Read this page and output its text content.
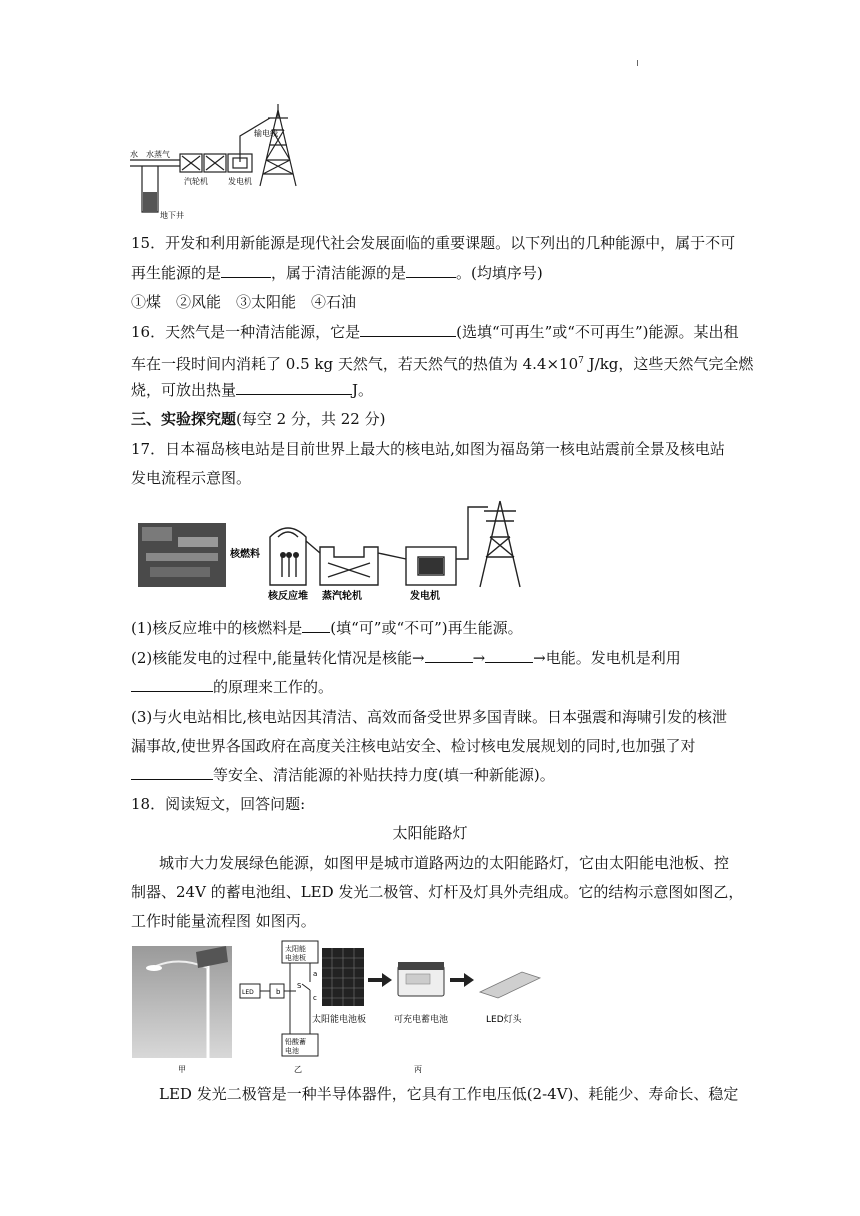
输电线
水 水蒸气
汽轮机	发电机
地下井
15．开发和利用新能源是现代社会发展面临的重要课题。以下列出的几种能源中，属于不可
再生能源的是	，属于清洁能源的是	。(均填序号)
①煤　②风能　③太阳能　④石油
16．天然气是一种清洁能源，它是	(选填“可再生”或“不可再生”)能源。某出租
车在一段时间内消耗了 0.5 kg 天然气，若天然气的热值为 $4.4\times 10^7$ J/kg，这些天然气完全燃
烧，可放出热量	J。
三、实验探究题(每空 2 分，共 22 分)
17．日本福岛核电站是目前世界上最大的核电站,如图为福岛第一核电站震前全景及核电站
发电流程示意图。
核燃料
核反应堆 蒸汽轮机	发电机
(1)核反应堆中的核燃料是 (填“可”或“不可”)再生能源。
(2)核能发电的过程中,能量转化情况是核能→	→	→电能。发电机是利用
的原理来工作的。
(3)与火电站相比,核电站因其清洁、高效而备受世界多国青睐。日本强震和海啸引发的核泄
漏事故,使世界各国政府在高度关注核电站安全、检讨核电发展规划的同时,也加强了对
等安全、清洁能源的补贴扶持力度(填一种新能源)。
18．阅读短文，回答问题:
太阳能路灯
城市大力发展绿色能源，如图甲是城市道路两边的太阳能路灯，它由太阳能电池板、控
制器、24V 的蓄电池组、LED 发光二极管、灯杆及灯具外壳组成。它的结构示意图如图乙，
工作时能量流程图 如图丙。
太阳能
电池板
LED	b
a
S
c
铅酸蓄
电池
太阳能电池板	可充电蓄电池	LED灯头
甲	乙	丙
LED 发光二极管是一种半导体器件，它具有工作电压低(2-4V)、耗能少、寿命长、稳定
